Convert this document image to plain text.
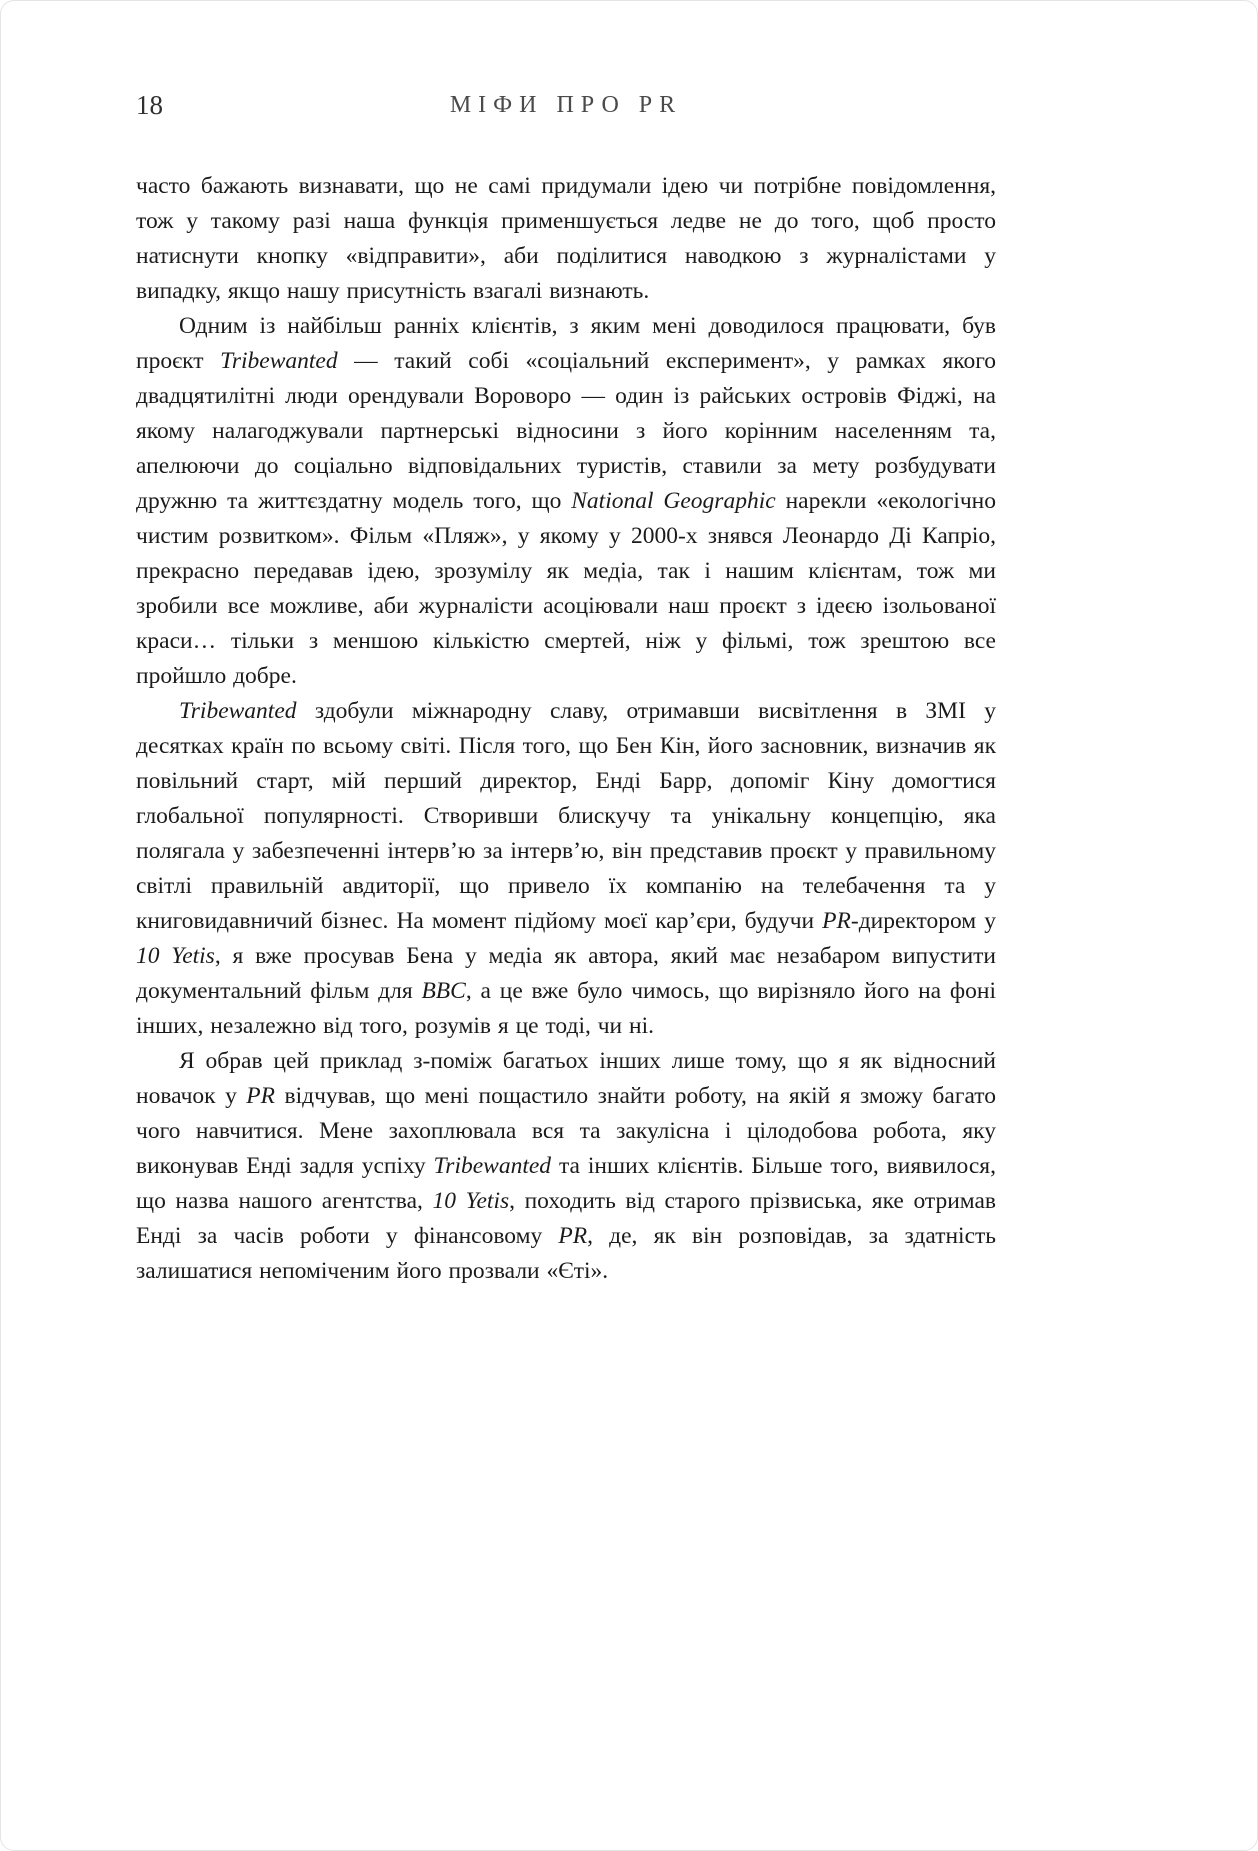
18	МІФИ ПРО PR

часто бажають визнавати, що не самі придумали ідею чи потрібне повідомлення, тож у такому разі наша функція применшується ледве не до того, щоб просто натиснути кнопку «відправити», аби поділитися наводкою з журналістами у випадку, якщо нашу присутність взагалі визнають.

Одним із найбільш ранніх клієнтів, з яким мені доводилося працювати, був проєкт Tribewanted — такий собі «соціальний експеримент», у рамках якого двадцятилітні люди орендували Вороворо — один із райських островів Фіджі, на якому налагоджували партнерські відносини з його корінним населенням та, апелюючи до соціально відповідальних туристів, ставили за мету розбудувати дружню та життєздатну модель того, що National Geographic нарекли «екологічно чистим розвитком». Фільм «Пляж», у якому у 2000-х знявся Леонардо Ді Капріо, прекрасно передавав ідею, зрозумілу як медіа, так і нашим клієнтам, тож ми зробили все можливе, аби журналісти асоціювали наш проєкт з ідеєю ізольованої краси… тільки з меншою кількістю смертей, ніж у фільмі, тож зрештою все пройшло добре.

Tribewanted здобули міжнародну славу, отримавши висвітлення в ЗМІ у десятках країн по всьому світі. Після того, що Бен Кін, його засновник, визначив як повільний старт, мій перший директор, Енді Барр, допоміг Кіну домогтися глобальної популярності. Створивши блискучу та унікальну концепцію, яка полягала у забезпеченні інтерв’ю за інтерв’ю, він представив проєкт у правильному світлі правильній авдиторії, що привело їх компанію на телебачення та у книговидавничий бізнес. На момент підйому моєї кар’єри, будучи PR-директором у 10 Yetis, я вже просував Бена у медіа як автора, який має незабаром випустити документальний фільм для BBC, а це вже було чимось, що вирізняло його на фоні інших, незалежно від того, розумів я це тоді, чи ні.

Я обрав цей приклад з-поміж багатьох інших лише тому, що я як відносний новачок у PR відчував, що мені пощастило знайти роботу, на якій я зможу багато чого навчитися. Мене захоплювала вся та закулісна і цілодобова робота, яку виконував Енді задля успіху Tribewanted та інших клієнтів. Більше того, виявилося, що назва нашого агентства, 10 Yetis, походить від старого прізвиська, яке отримав Енді за часів роботи у фінансовому PR, де, як він розповідав, за здатність залишатися непоміченим його прозвали «Єті».
